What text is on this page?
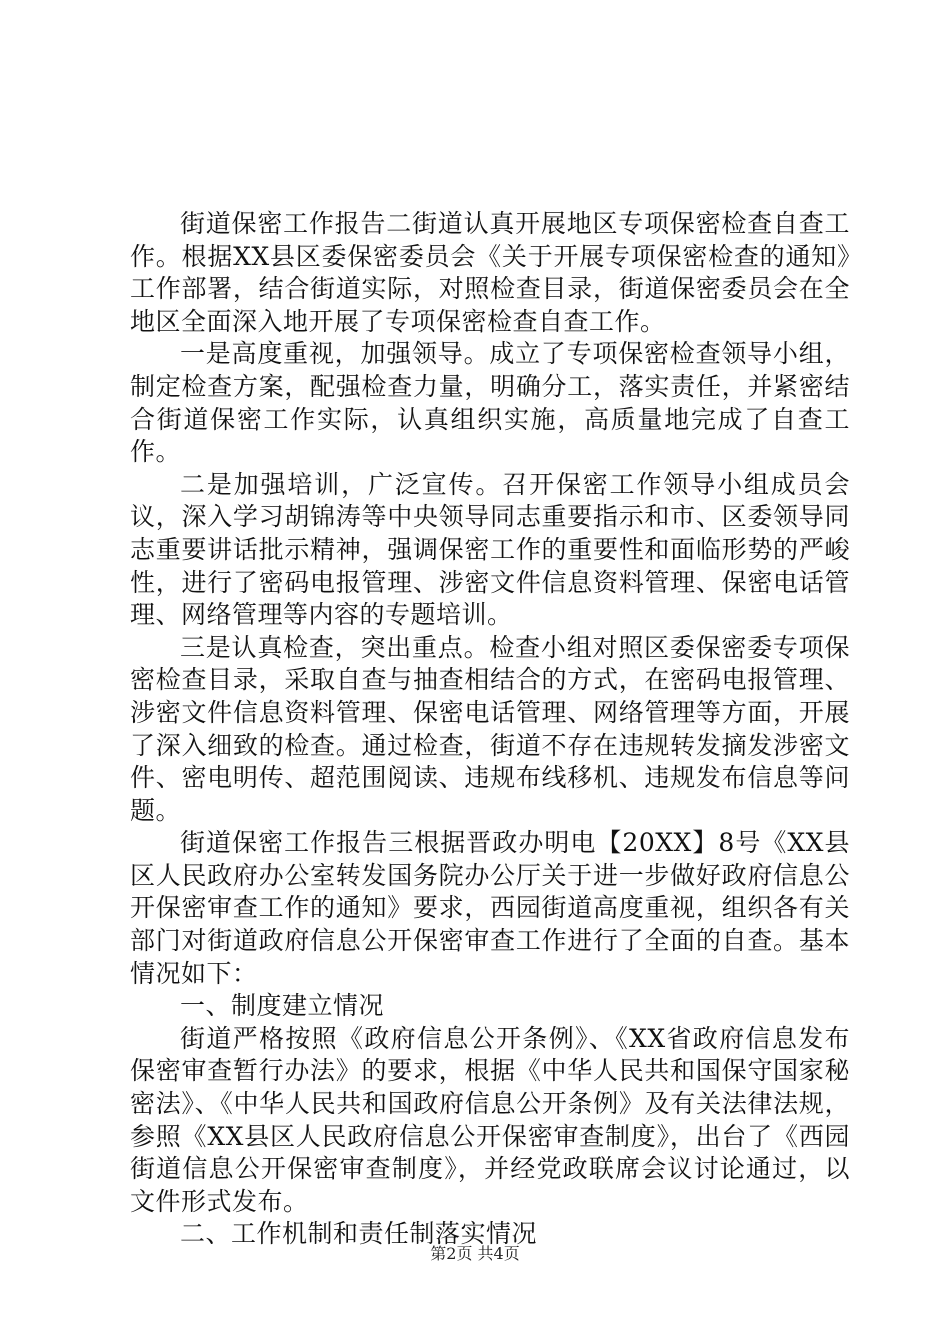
街道保密工作报告二街道认真开展地区专项保密检查自查工作。根据XX县区委保密委员会《关于开展专项保密检查的通知》工作部署，结合街道实际，对照检查目录，街道保密委员会在全地区全面深入地开展了专项保密检查自查工作。

一是高度重视，加强领导。成立了专项保密检查领导小组，制定检查方案，配强检查力量，明确分工，落实责任，并紧密结合街道保密工作实际，认真组织实施，高质量地完成了自查工作。

二是加强培训，广泛宣传。召开保密工作领导小组成员会议，深入学习胡锦涛等中央领导同志重要指示和市、区委领导同志重要讲话批示精神，强调保密工作的重要性和面临形势的严峻性，进行了密码电报管理、涉密文件信息资料管理、保密电话管理、网络管理等内容的专题培训。

三是认真检查，突出重点。检查小组对照区委保密委专项保密检查目录，采取自查与抽查相结合的方式，在密码电报管理、涉密文件信息资料管理、保密电话管理、网络管理等方面，开展了深入细致的检查。通过检查，街道不存在违规转发摘发涉密文件、密电明传、超范围阅读、违规布线移机、违规发布信息等问题。

街道保密工作报告三根据晋政办明电【20XX】8号《XX县区人民政府办公室转发国务院办公厅关于进一步做好政府信息公开保密审查工作的通知》要求，西园街道高度重视，组织各有关部门对街道政府信息公开保密审查工作进行了全面的自查。基本情况如下：

一、制度建立情况

街道严格按照《政府信息公开条例》、《XX省政府信息发布保密审查暂行办法》的要求，根据《中华人民共和国保守国家秘密法》、《中华人民共和国政府信息公开条例》及有关法律法规，参照《XX县区人民政府信息公开保密审查制度》，出台了《西园街道信息公开保密审查制度》，并经党政联席会议讨论通过，以文件形式发布。

二、工作机制和责任制落实情况

第2页 共4页
